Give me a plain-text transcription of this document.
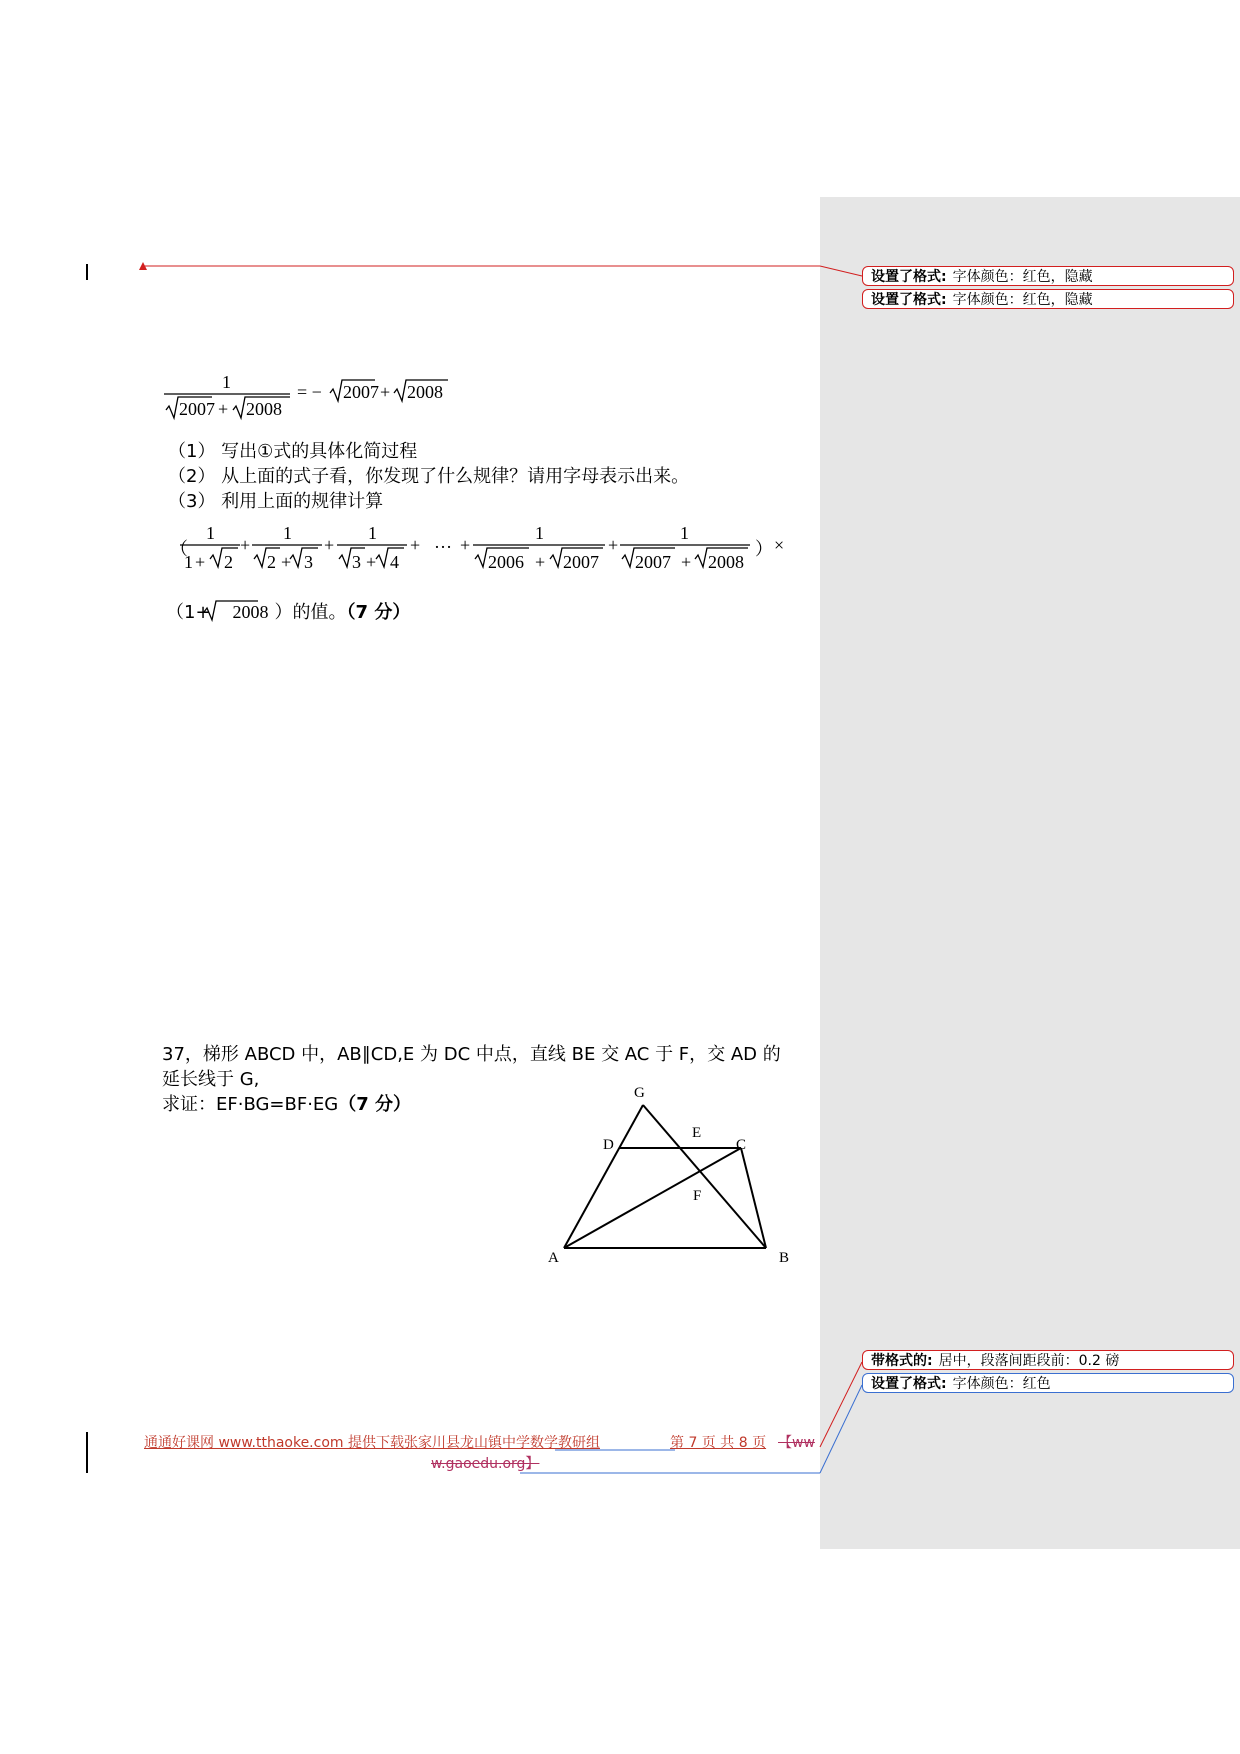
设置了格式: 字体颜色：红色，隐藏
设置了格式: 字体颜色：红色，隐藏
带格式的: 居中，段落间距段前：0.2 磅
设置了格式: 字体颜色：红色
1
2007 + 2008
= − 2007 + 2008
（1） 写出①式的具体化简过程
（2） 从上面的式子看，你发现了什么规律？请用字母表示出来。
（3） 利用上面的规律计算
（
1
1 + 2
+
1
2 + 3
+
1
3 + 4
+ … +
1
2006 + 2007
+
1
2007 + 2008
） ×
（1+ 2008 ）的值。（7 分）
37，梯形 ABCD 中，AB∥CD,E 为 DC 中点，直线 BE 交 AC 于 F，交 AD 的
延长线于 G,
求证：EF·BG=BF·EG（7 分）
G
D
E
C
F
A	B
通通好课网 www.tthaoke.com 提供下载张家川县龙山镇中学数学教研组	第 7 页 共 8 页 【ww
w.gaoedu.org】
